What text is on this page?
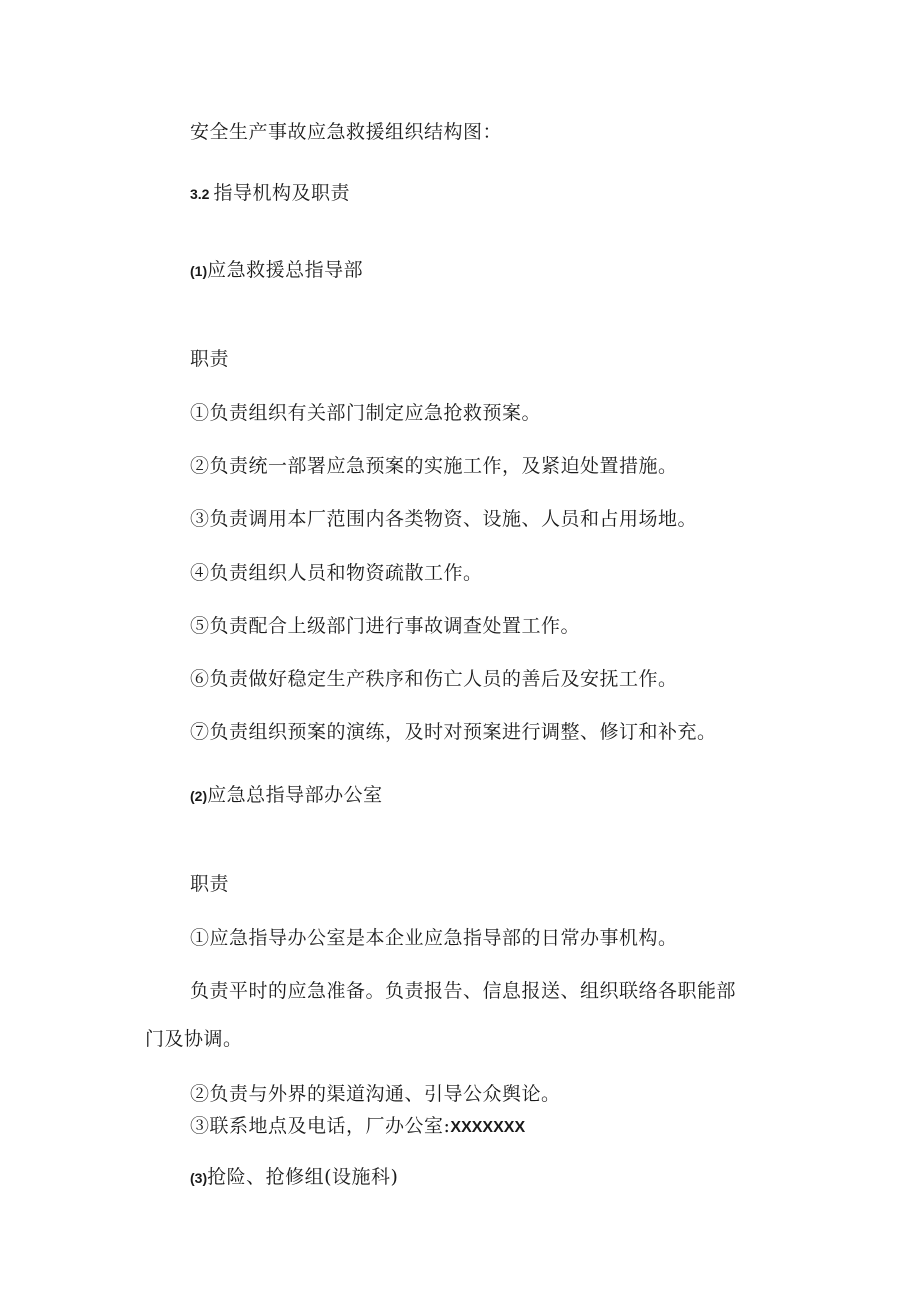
安全生产事故应急救援组织结构图：
3.2 指导机构及职责
(1)应急救援总指导部
职责
①负责组织有关部门制定应急抢救预案。
②负责统一部署应急预案的实施工作，及紧迫处置措施。
③负责调用本厂范围内各类物资、设施、人员和占用场地。
④负责组织人员和物资疏散工作。
⑤负责配合上级部门进行事故调查处置工作。
⑥负责做好稳定生产秩序和伤亡人员的善后及安抚工作。
⑦负责组织预案的演练，及时对预案进行调整、修订和补充。
(2)应急总指导部办公室
职责
①应急指导办公室是本企业应急指导部的日常办事机构。
负责平时的应急准备。负责报告、信息报送、组织联络各职能部
门及协调。
②负责与外界的渠道沟通、引导公众舆论。
③联系地点及电话，厂办公室:XXXXXXX
(3)抢险、抢修组(设施科)
